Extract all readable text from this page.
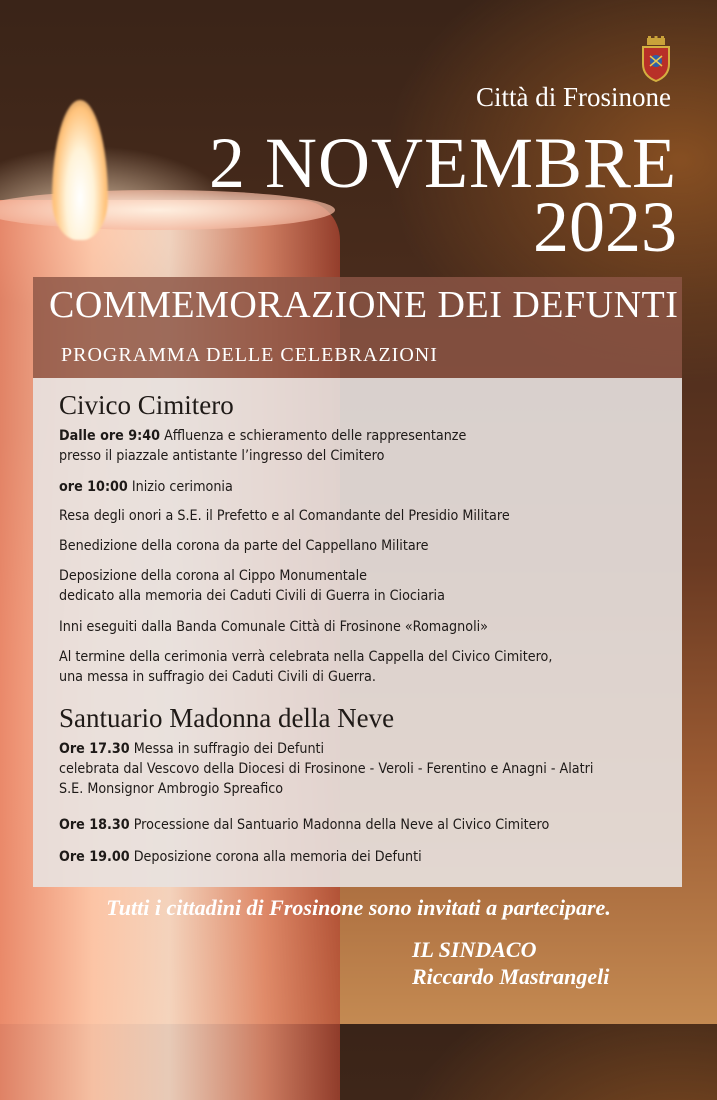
Città di Frosinone
2 NOVEMBRE
2023
COMMEMORAZIONE DEI DEFUNTI
PROGRAMMA DELLE CELEBRAZIONI
Civico Cimitero
Dalle ore 9:40 Affluenza e schieramento delle rappresentanze
presso il piazzale antistante l’ingresso del Cimitero
ore 10:00 Inizio cerimonia
Resa degli onori a S.E. il Prefetto e al Comandante del Presidio Militare
Benedizione della corona da parte del Cappellano Militare
Deposizione della corona al Cippo Monumentale
dedicato alla memoria dei Caduti Civili di Guerra in Ciociaria
Inni eseguiti dalla Banda Comunale Città di Frosinone «Romagnoli»
Al termine della cerimonia verrà celebrata nella Cappella del Civico Cimitero,
una messa in suffragio dei Caduti Civili di Guerra.
Santuario Madonna della Neve
Ore 17.30 Messa in suffragio dei Defunti
celebrata dal Vescovo della Diocesi di Frosinone - Veroli - Ferentino e Anagni - Alatri
S.E. Monsignor Ambrogio Spreafico
Ore 18.30 Processione dal Santuario Madonna della Neve al Civico Cimitero
Ore 19.00 Deposizione corona alla memoria dei Defunti
Tutti i cittadini di Frosinone sono invitati a partecipare.
IL SINDACO
Riccardo Mastrangeli
